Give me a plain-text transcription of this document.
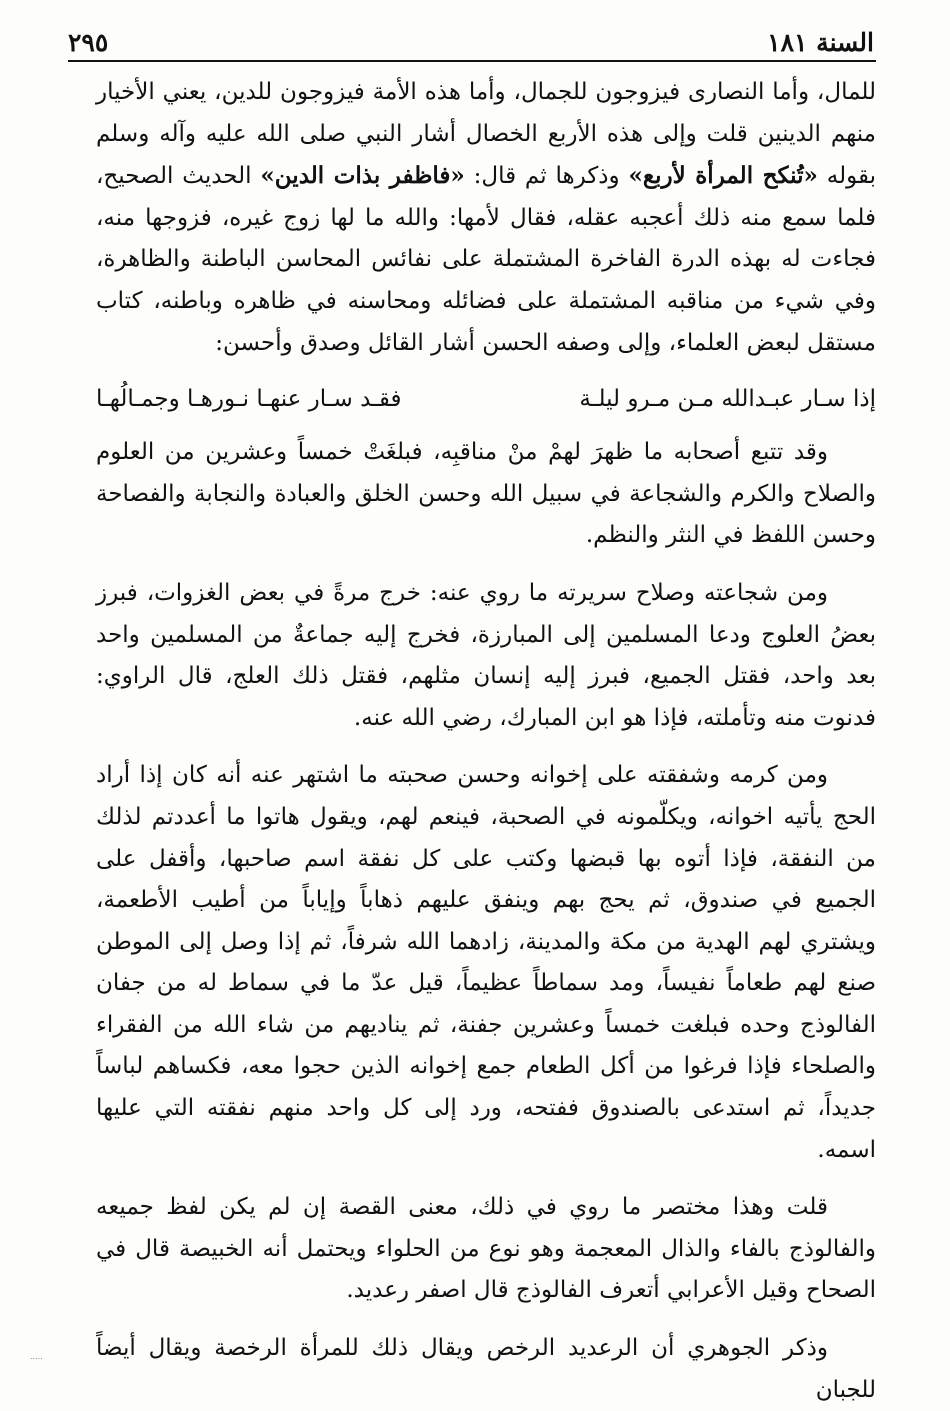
السنة ١٨١
٢٩٥

للمال، وأما النصارى فيزوجون للجمال، وأما هذه الأمة فيزوجون للدين، يعني الأخيار منهم الدينين قلت وإلى هذه الأربع الخصال أشار النبي صلى الله عليه وآله وسلم بقوله «تُنكح المرأة لأربع» وذكرها ثم قال: «فاظفر بذات الدين» الحديث الصحيح، فلما سمع منه ذلك أعجبه عقله، فقال لأمها: والله ما لها زوج غيره، فزوجها منه، فجاءت له بهذه الدرة الفاخرة المشتملة على نفائس المحاسن الباطنة والظاهرة، وفي شيء من مناقبه المشتملة على فضائله ومحاسنه في ظاهره وباطنه، كتاب مستقل لبعض العلماء، وإلى وصفه الحسن أشار القائل وصدق وأحسن:

إذا سـار عبـدالله مـن مـرو ليلـة
فقـد سـار عنهـا نـورهـا وجمـالُهـا

وقد تتبع أصحابه ما ظهرَ لهمْ منْ مناقبِه، فبلغَتْ خمساً وعشرين من العلوم والصلاح والكرم والشجاعة في سبيل الله وحسن الخلق والعبادة والنجابة والفصاحة وحسن اللفظ في النثر والنظم.

ومن شجاعته وصلاح سريرته ما روي عنه: خرج مرةً في بعض الغزوات، فبرز بعضُ العلوج ودعا المسلمين إلى المبارزة، فخرج إليه جماعةٌ من المسلمين واحد بعد واحد، فقتل الجميع، فبرز إليه إنسان مثلهم، فقتل ذلك العلج، قال الراوي: فدنوت منه وتأملته، فإذا هو ابن المبارك، رضي الله عنه.

ومن كرمه وشفقته على إخوانه وحسن صحبته ما اشتهر عنه أنه كان إذا أراد الحج يأتيه اخوانه، ويكلّمونه في الصحبة، فينعم لهم، ويقول هاتوا ما أعددتم لذلك من النفقة، فإذا أتوه بها قبضها وكتب على كل نفقة اسم صاحبها، وأقفل على الجميع في صندوق، ثم يحج بهم وينفق عليهم ذهاباً وإياباً من أطيب الأطعمة، ويشتري لهم الهدية من مكة والمدينة، زادهما الله شرفاً، ثم إذا وصل إلى الموطن صنع لهم طعاماً نفيساً، ومد سماطاً عظيماً، قيل عدّ ما في سماط له من جفان الفالوذج وحده فبلغت خمساً وعشرين جفنة، ثم يناديهم من شاء الله من الفقراء والصلحاء فإذا فرغوا من أكل الطعام جمع إخوانه الذين حجوا معه، فكساهم لباساً جديداً، ثم استدعى بالصندوق ففتحه، ورد إلى كل واحد منهم نفقته التي عليها اسمه.

قلت وهذا مختصر ما روي في ذلك، معنى القصة إن لم يكن لفظ جميعه والفالوذج بالفاء والذال المعجمة وهو نوع من الحلواء ويحتمل أنه الخبيصة قال في الصحاح وقيل الأعرابي أتعرف الفالوذج قال اصفر رعديد.

وذكر الجوهري أن الرعديد الرخص ويقال ذلك للمرأة الرخصة ويقال أيضاً للجبان

.....
